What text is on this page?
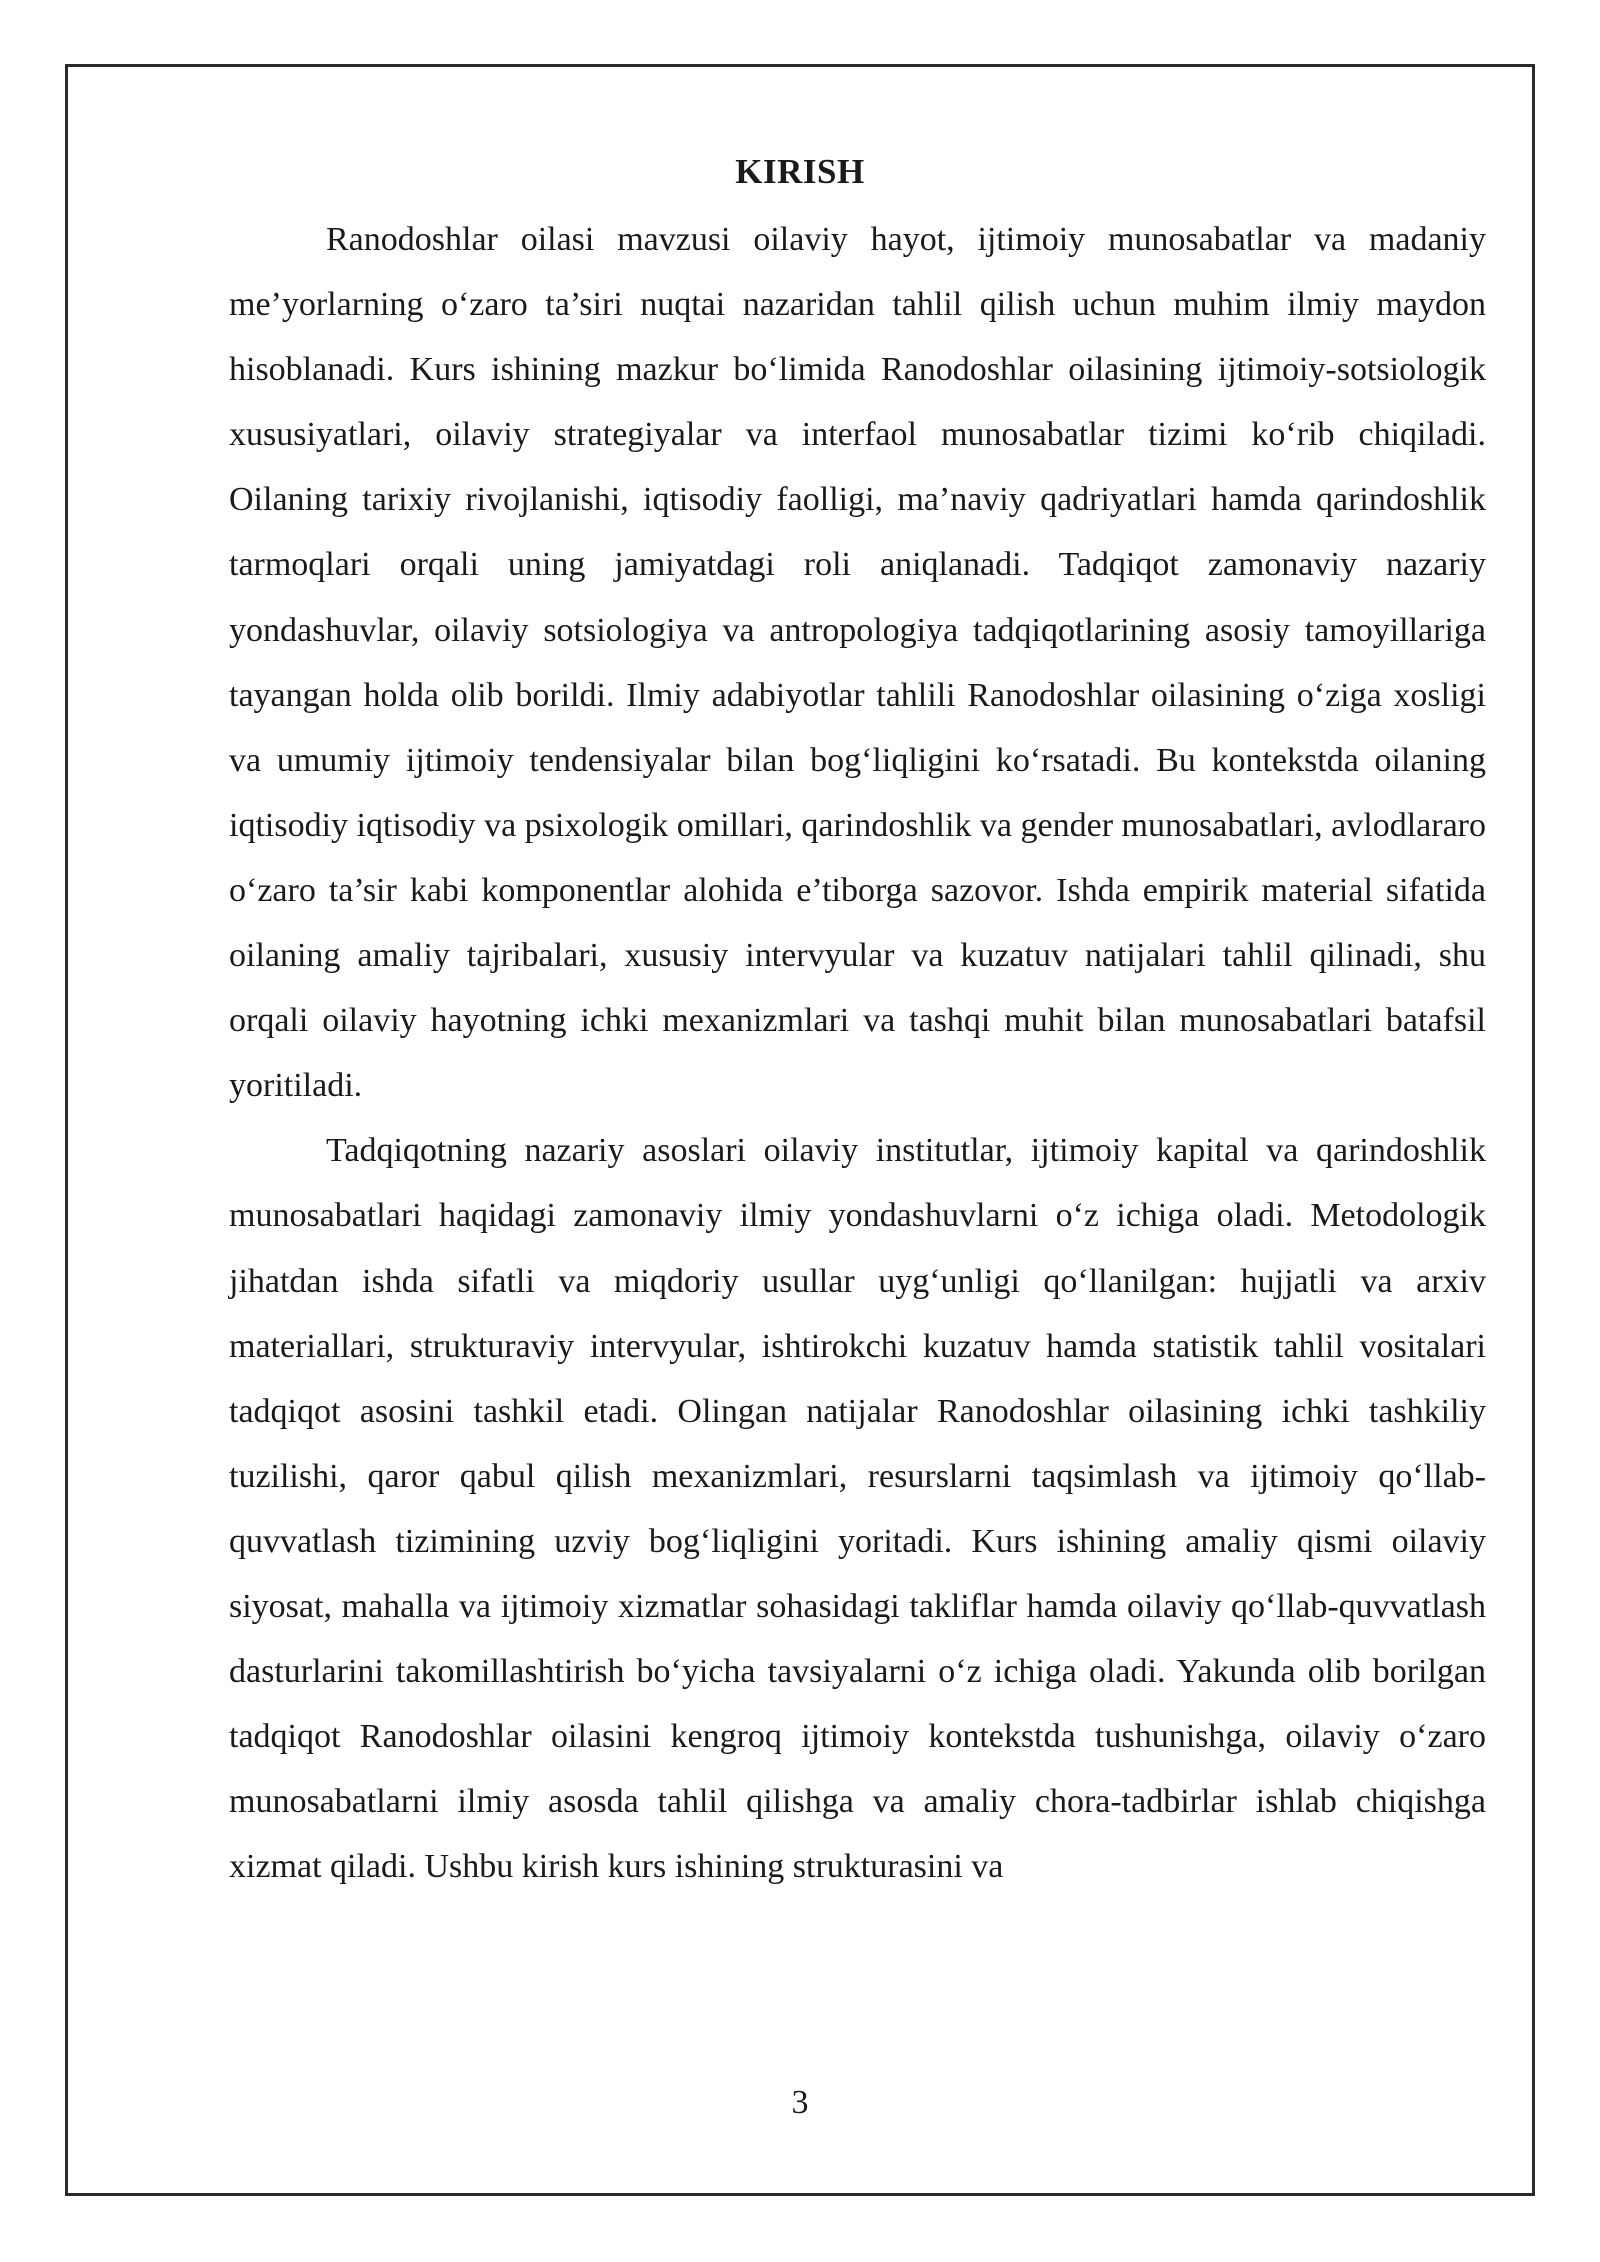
KIRISH

Ranodoshlar oilasi mavzusi oilaviy hayot, ijtimoiy munosabatlar va madaniy me’yorlarning o‘zaro ta’siri nuqtai nazaridan tahlil qilish uchun muhim ilmiy maydon hisoblanadi. Kurs ishining mazkur bo‘limida Ranodoshlar oilasining ijtimoiy-sotsiologik xususiyatlari, oilaviy strategiyalar va interfaol munosabatlar tizimi ko‘rib chiqiladi. Oilaning tarixiy rivojlanishi, iqtisodiy faolligi, ma’naviy qadriyatlari hamda qarindoshlik tarmoqlari orqali uning jamiyatdagi roli aniqlanadi. Tadqiqot zamonaviy nazariy yondashuvlar, oilaviy sotsiologiya va antropologiya tadqiqotlarining asosiy tamoyillariga tayangan holda olib borildi. Ilmiy adabiyotlar tahlili Ranodoshlar oilasining o‘ziga xosligi va umumiy ijtimoiy tendensiyalar bilan bog‘liqligini ko‘rsatadi. Bu kontekstda oilaning iqtisodiy iqtisodiy va psixologik omillari, qarindoshlik va gender munosabatlari, avlodlararo o‘zaro ta’sir kabi komponentlar alohida e’tiborga sazovor. Ishda empirik material sifatida oilaning amaliy tajribalari, xususiy intervyular va kuzatuv natijalari tahlil qilinadi, shu orqali oilaviy hayotning ichki mexanizmlari va tashqi muhit bilan munosabatlari batafsil yoritiladi.

Tadqiqotning nazariy asoslari oilaviy institutlar, ijtimoiy kapital va qarindoshlik munosabatlari haqidagi zamonaviy ilmiy yondashuvlarni o‘z ichiga oladi. Metodologik jihatdan ishda sifatli va miqdoriy usullar uyg‘unligi qo‘llanilgan: hujjatli va arxiv materiallari, strukturaviy intervyular, ishtirokchi kuzatuv hamda statistik tahlil vositalari tadqiqot asosini tashkil etadi. Olingan natijalar Ranodoshlar oilasining ichki tashkiliy tuzilishi, qaror qabul qilish mexanizmlari, resurslarni taqsimlash va ijtimoiy qo‘llab-quvvatlash tizimining uzviy bog‘liqligini yoritadi. Kurs ishining amaliy qismi oilaviy siyosat, mahalla va ijtimoiy xizmatlar sohasidagi takliflar hamda oilaviy qo‘llab-quvvatlash dasturlarini takomillashtirish bo‘yicha tavsiyalarni o‘z ichiga oladi. Yakunda olib borilgan tadqiqot Ranodoshlar oilasini kengroq ijtimoiy kontekstda tushunishga, oilaviy o‘zaro munosabatlarni ilmiy asosda tahlil qilishga va amaliy chora-tadbirlar ishlab chiqishga xizmat qiladi. Ushbu kirish kurs ishining strukturasini va

3
